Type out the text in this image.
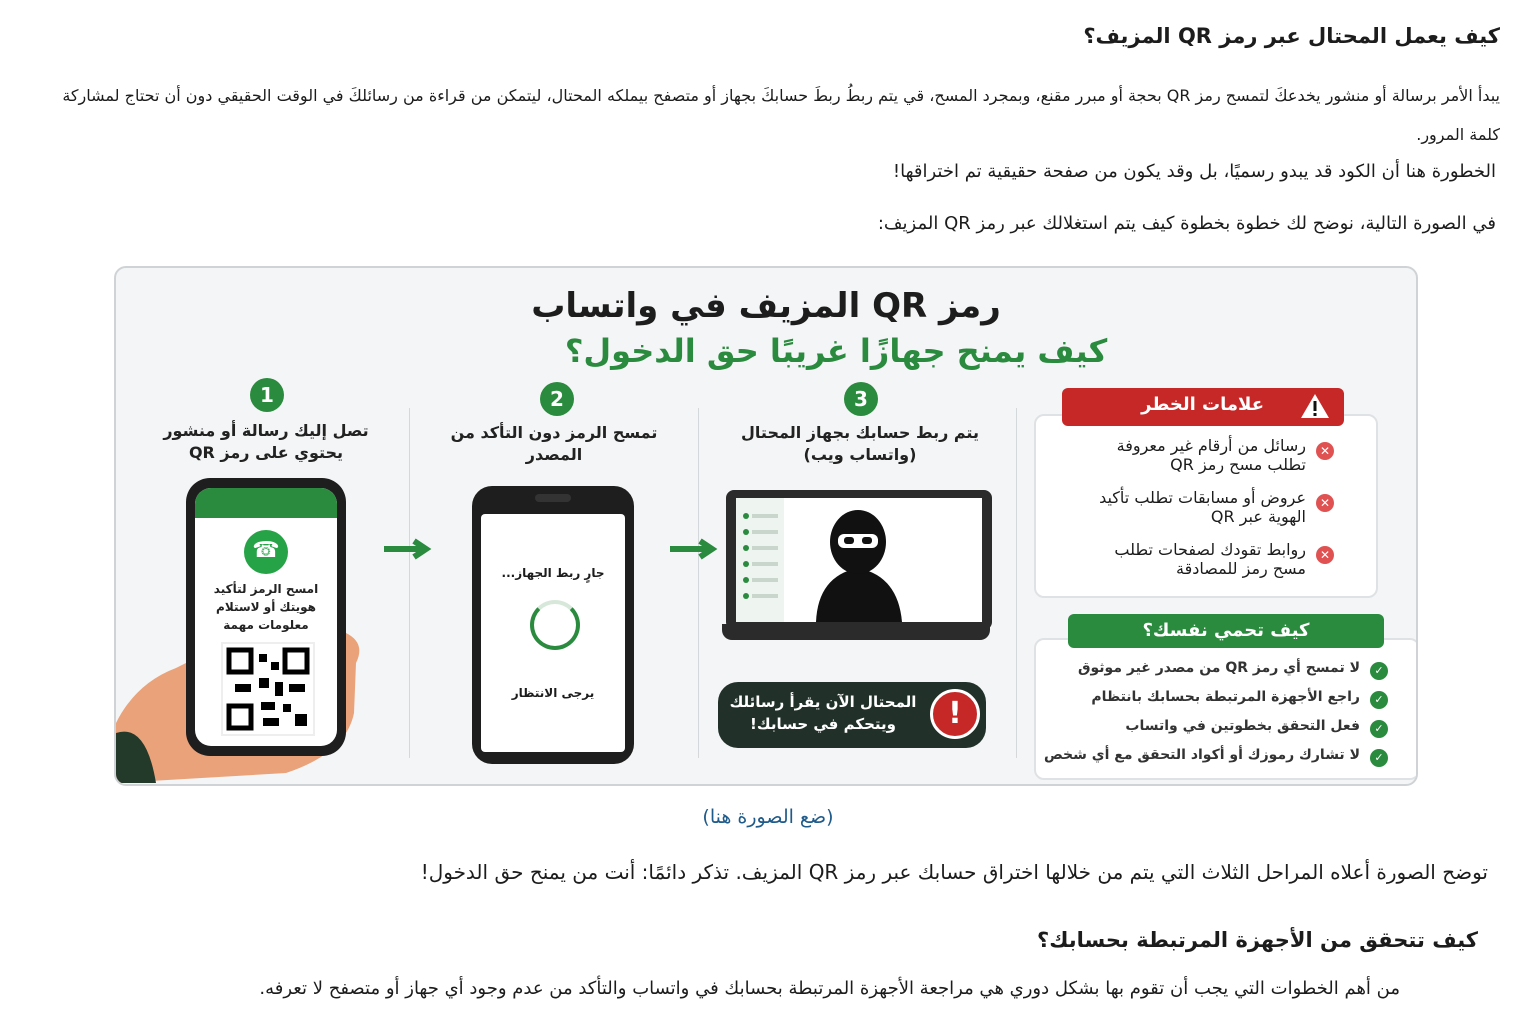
كيف يعمل المحتال عبر رمز QR المزيف؟
يبدأ الأمر برسالة أو منشور يخدعكَ لتمسح رمز QR بحجة أو مبرر مقنع، وبمجرد المسح، قي يتم ربطُ ربطَ حسابكَ بجهاز أو متصفح بيملكه المحتال، ليتمكن من قراءة من رسائلكَ في الوقت الحقيقي دون أن تحتاج لمشاركة كلمة المرور.
الخطورة هنا أن الكود قد يبدو رسميًا، بل وقد يكون من صفحة حقيقية تم اختراقها!
في الصورة التالية، نوضح لك خطوة بخطوة كيف يتم استغلالك عبر رمز QR المزيف:
رمز QR المزيف في واتساب
كيف يمنح جهازًا غريبًا حق الدخول؟
1
تصل إليك رسالة أو منشور يحتوي على رمز QR
☎
امسح الرمز لتأكيد هويتك أو لاستلام معلومات مهمة
2
تمسح الرمز دون التأكد من المصدر
جارٍ ربط الجهاز...
يرجى الانتظار
3
يتم ربط حسابك بجهاز المحتال (واتساب ويب)
المحتال الآن يقرأ رسائلك ويتحكم في حسابك!	!
رسائل من أرقام غير معروفة تطلب مسح رمز QR
✕
عروض أو مسابقات تطلب تأكيد الهوية عبر QR
✕
روابط تقودك لصفحات تطلب مسح رمز للمصادقة
✕
علامات الخطر
لا تمسح أي رمز QR من مصدر غير موثوق	✓
راجع الأجهزة المرتبطة بحسابك بانتظام	✓
فعل التحقق بخطوتين في واتساب	✓
لا تشارك رموزك أو أكواد التحقق مع أي شخص	✓
كيف تحمي نفسك؟
(ضع الصورة هنا)
توضح الصورة أعلاه المراحل الثلاث التي يتم من خلالها اختراق حسابك عبر رمز QR المزيف. تذكر دائمًا: أنت من يمنح حق الدخول!
كيف تتحقق من الأجهزة المرتبطة بحسابك؟
من أهم الخطوات التي يجب أن تقوم بها بشكل دوري هي مراجعة الأجهزة المرتبطة بحسابك في واتساب والتأكد من عدم وجود أي جهاز أو متصفح لا تعرفه.
